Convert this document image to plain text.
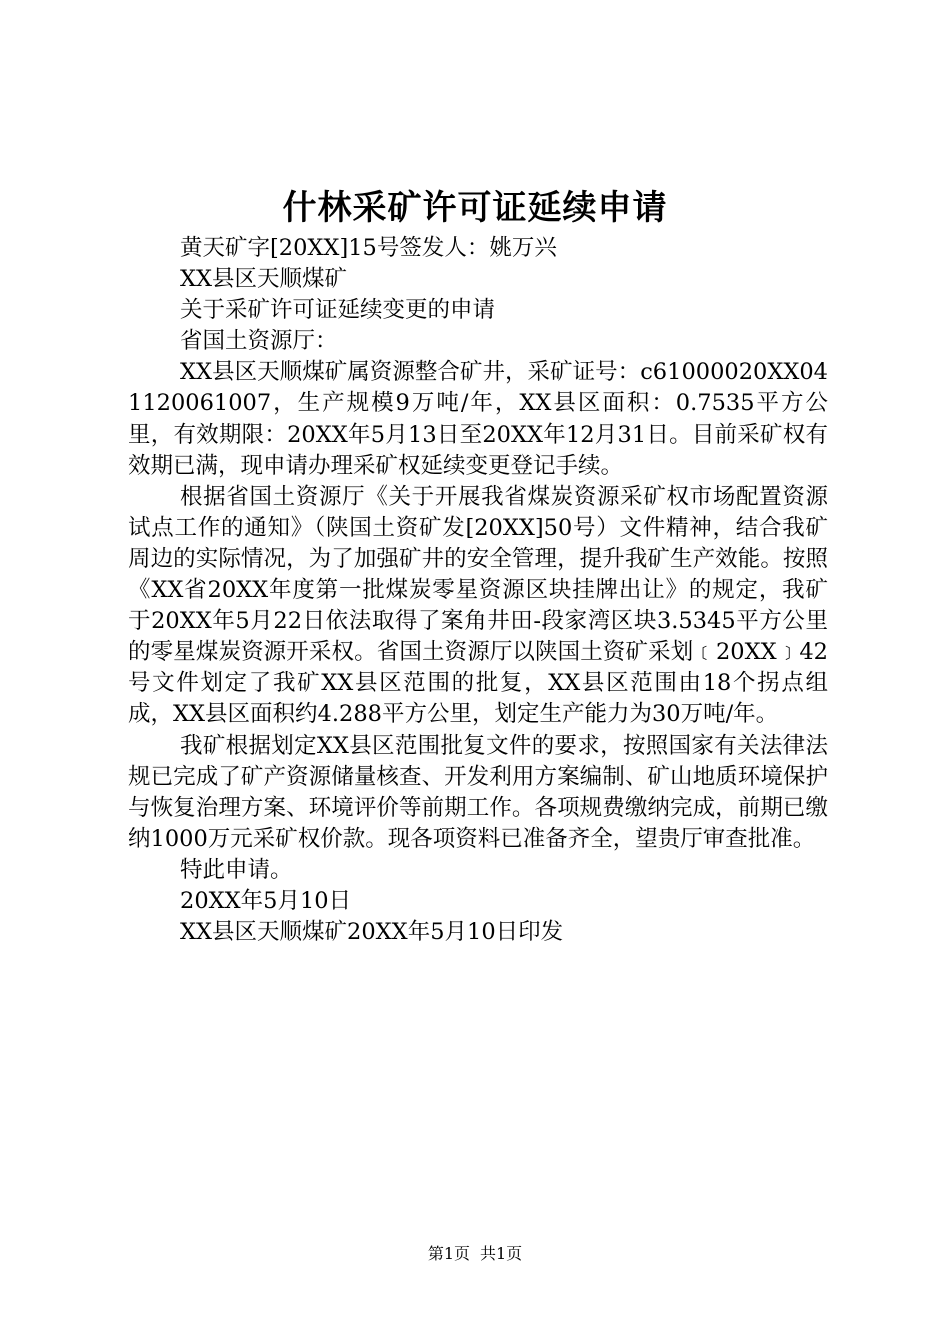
什林采矿许可证延续申请
黄天矿字[20XX]15号签发人：姚万兴
XX县区天顺煤矿
关于采矿许可证延续变更的申请
省国土资源厅：
XX县区天顺煤矿属资源整合矿井，采矿证号：c61000020XX041120061007，生产规模9万吨/年，XX县区面积：0.7535平方公里，有效期限：20XX年5月13日至20XX年12月31日。目前采矿权有效期已满，现申请办理采矿权延续变更登记手续。
根据省国土资源厅《关于开展我省煤炭资源采矿权市场配置资源试点工作的通知》（陕国土资矿发[20XX]50号）文件精神，结合我矿周边的实际情况，为了加强矿井的安全管理，提升我矿生产效能。按照《XX省20XX年度第一批煤炭零星资源区块挂牌出让》的规定，我矿于20XX年5月22日依法取得了案角井田-段家湾区块3.5345平方公里的零星煤炭资源开采权。省国土资源厅以陕国土资矿采划﹝20XX﹞42号文件划定了我矿XX县区范围的批复，XX县区范围由18个拐点组成，XX县区面积约4.288平方公里，划定生产能力为30万吨/年。
我矿根据划定XX县区范围批复文件的要求，按照国家有关法律法规已完成了矿产资源储量核查、开发利用方案编制、矿山地质环境保护与恢复治理方案、环境评价等前期工作。各项规费缴纳完成，前期已缴纳1000万元采矿权价款。现各项资料已准备齐全，望贵厅审查批准。
特此申请。
20XX年5月10日
XX县区天顺煤矿20XX年5月10日印发
第1页 共1页
